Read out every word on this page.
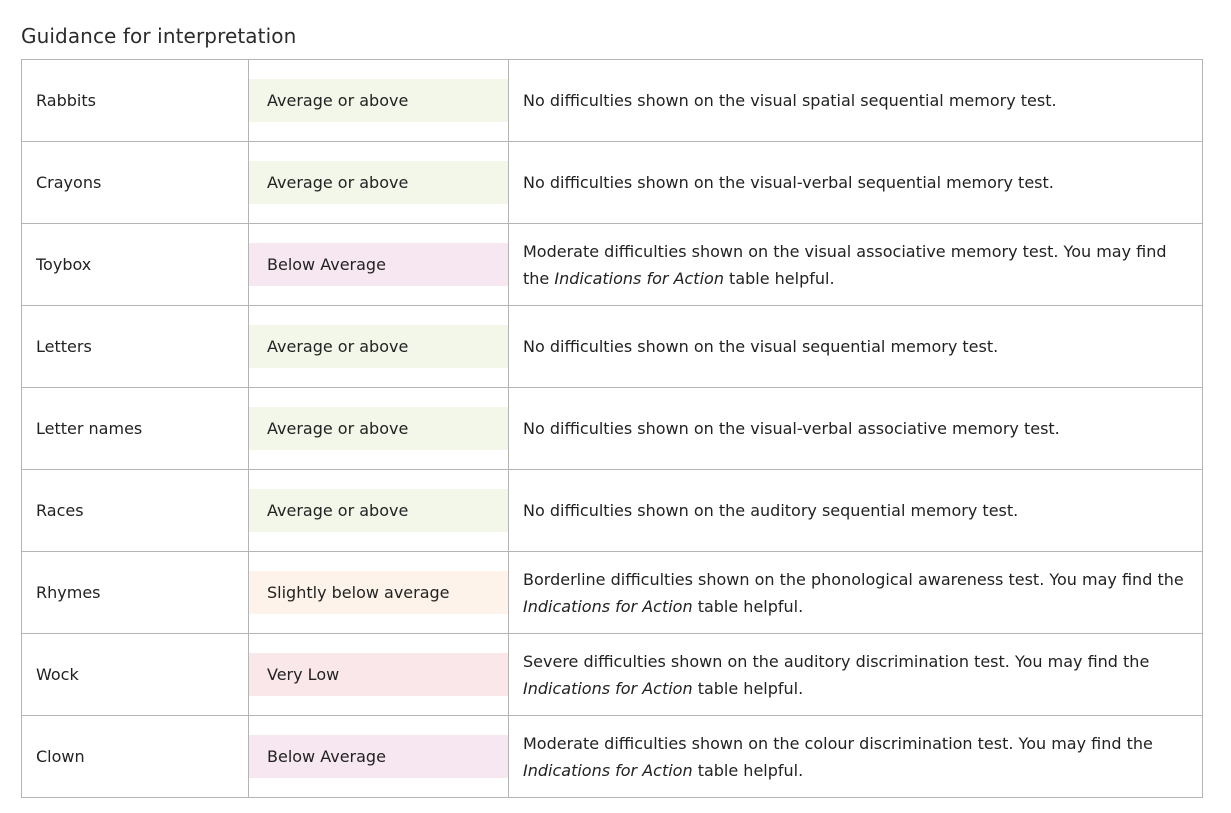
Guidance for interpretation
Rabbits	Average or above	No difficulties shown on the visual spatial sequential memory test.

Crayons	Average or above	No difficulties shown on the visual-verbal sequential memory test.

Toybox	Below Average	Moderate difficulties shown on the visual associative memory test. You may find the Indications for Action table helpful.

Letters	Average or above	No difficulties shown on the visual sequential memory test.

Letter names	Average or above	No difficulties shown on the visual-verbal associative memory test.

Races	Average or above	No difficulties shown on the auditory sequential memory test.

Rhymes	Slightly below average	Borderline difficulties shown on the phonological awareness test. You may find the Indications for Action table helpful.

Wock	Very Low	Severe difficulties shown on the auditory discrimination test. You may find the Indications for Action table helpful.

Clown	Below Average	Moderate difficulties shown on the colour discrimination test. You may find the Indications for Action table helpful.
